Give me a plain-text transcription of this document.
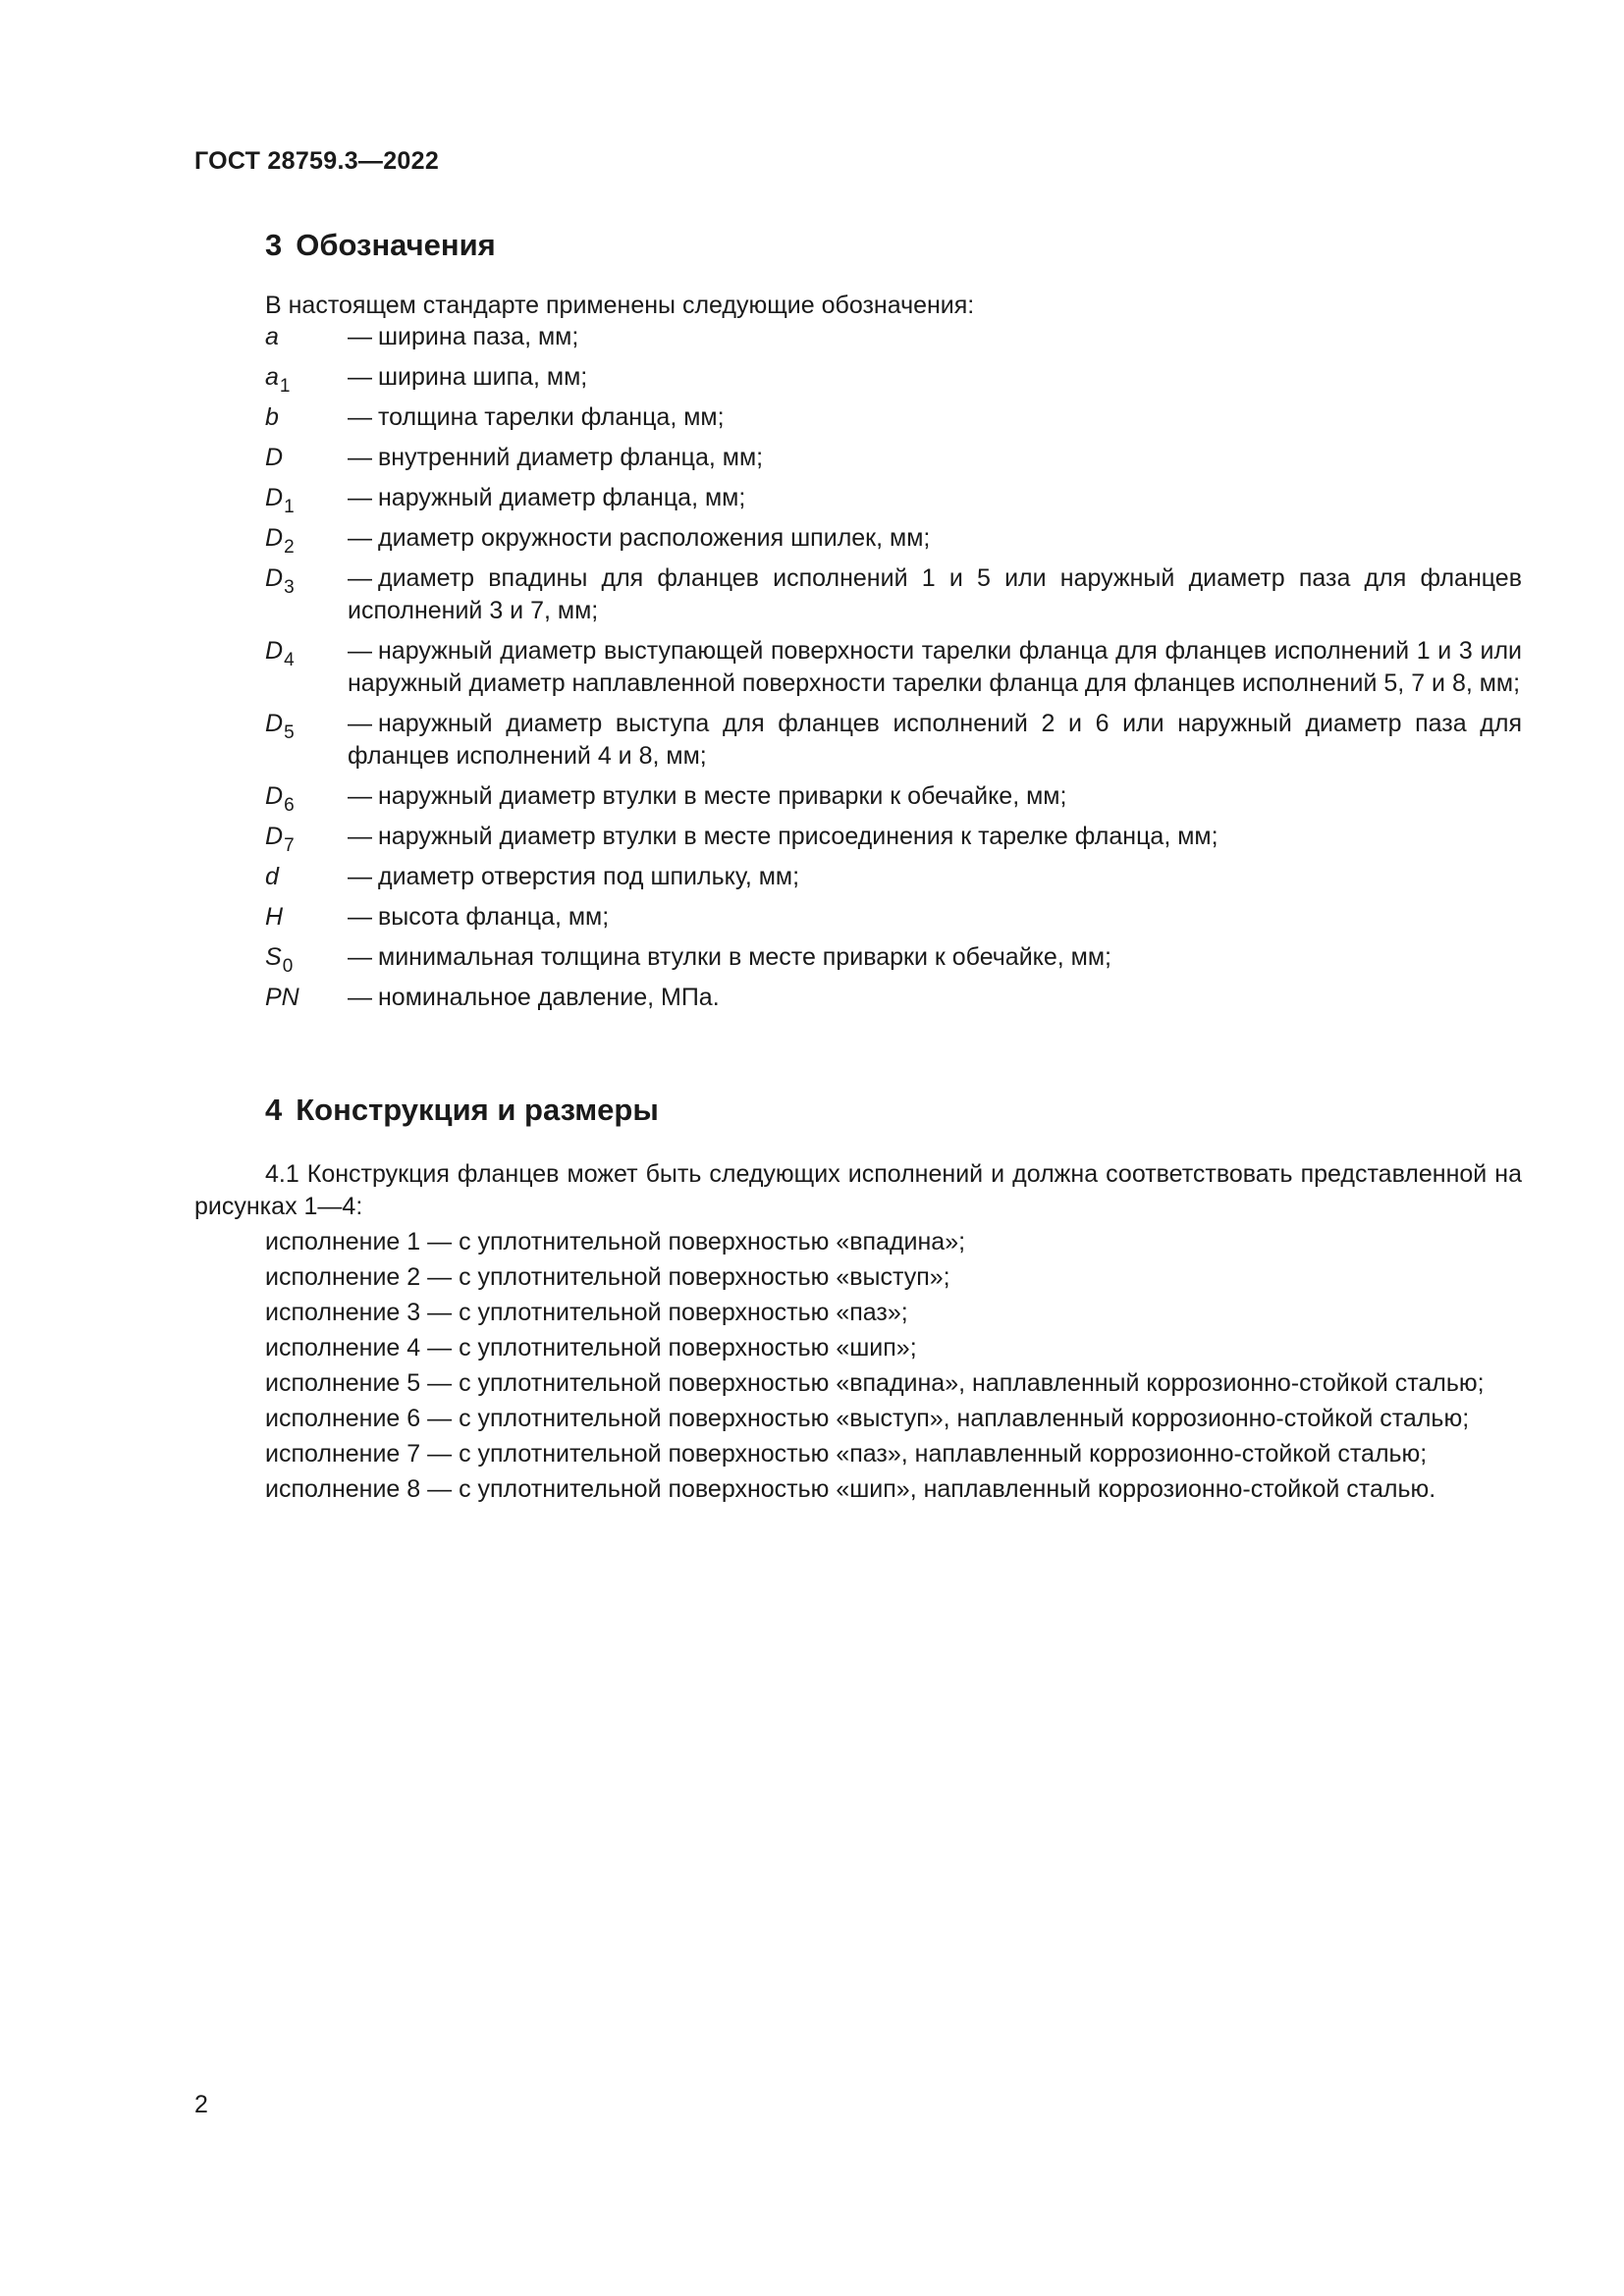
ГОСТ 28759.3—2022
3 Обозначения
В настоящем стандарте применены следующие обозначения:
a	— ширина паза, мм;
$a_1$	— ширина шипа, мм;
b	— толщина тарелки фланца, мм;
D	— внутренний диаметр фланца, мм;
$D_1$	— наружный диаметр фланца, мм;
$D_2$	— диаметр окружности расположения шпилек, мм;
$D_3$	— диаметр впадины для фланцев исполнений 1 и 5 или наружный диаметр паза для фланцев исполнений 3 и 7, мм;
$D_4$	— наружный диаметр выступающей поверхности тарелки фланца для фланцев исполнений 1 и 3 или наружный диаметр наплавленной поверхности тарелки фланца для фланцев исполнений 5, 7 и 8, мм;
$D_5$	— наружный диаметр выступа для фланцев исполнений 2 и 6 или наружный диаметр паза для фланцев исполнений 4 и 8, мм;
$D_6$	— наружный диаметр втулки в месте приварки к обечайке, мм;
$D_7$	— наружный диаметр втулки в месте присоединения к тарелке фланца, мм;
d	— диаметр отверстия под шпильку, мм;
H	— высота фланца, мм;
$S_0$	— минимальная толщина втулки в месте приварки к обечайке, мм;
PN	— номинальное давление, МПа.
4 Конструкция и размеры

4.1 Конструкция фланцев может быть следующих исполнений и должна соответствовать представленной на рисунках 1—4:

исполнение 1 — с уплотнительной поверхностью «впадина»;

исполнение 2 — с уплотнительной поверхностью «выступ»;

исполнение 3 — с уплотнительной поверхностью «паз»;

исполнение 4 — с уплотнительной поверхностью «шип»;

исполнение 5 — с уплотнительной поверхностью «впадина», наплавленный коррозионно-стойкой сталью;

исполнение 6 — с уплотнительной поверхностью «выступ», наплавленный коррозионно-стойкой сталью;

исполнение 7 — с уплотнительной поверхностью «паз», наплавленный коррозионно-стойкой сталью;

исполнение 8 — с уплотнительной поверхностью «шип», наплавленный коррозионно-стойкой сталью.

2
